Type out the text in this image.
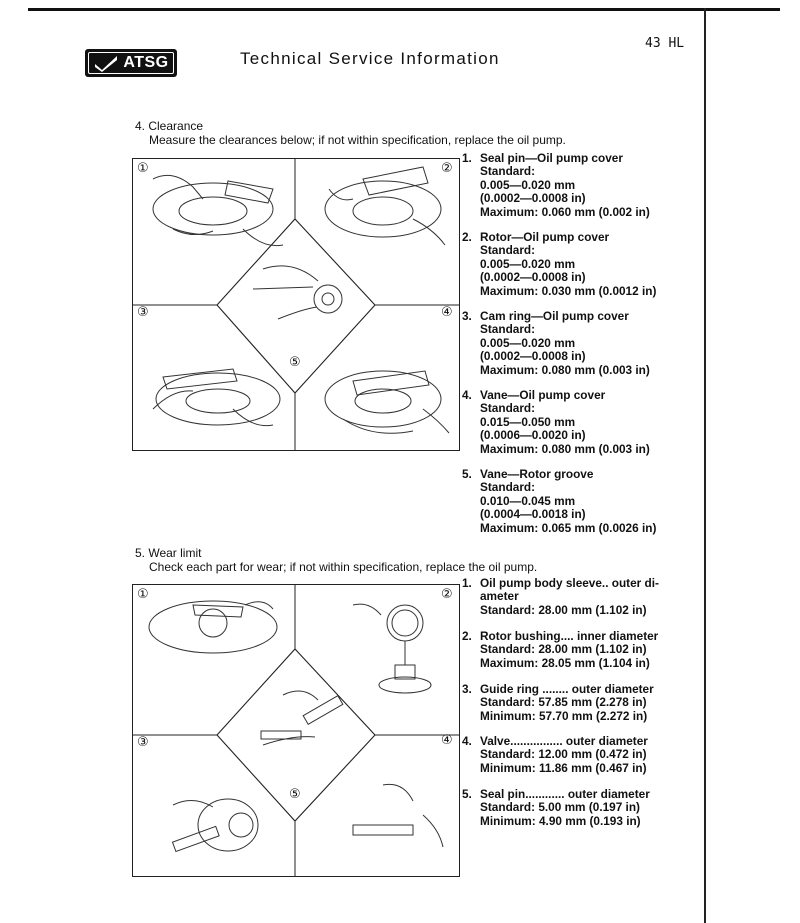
43 HL
ATSG	Technical Service Information
4. Clearance
Measure the clearances below; if not within specification, replace the oil pump.
①	②
③	④
⑤
1. Seal pin—Oil pump cover
Standard:
0.005—0.020 mm
(0.0002—0.0008 in)
Maximum: 0.060 mm (0.002 in)
2. Rotor—Oil pump cover
Standard:
0.005—0.020 mm
(0.0002—0.0008 in)
Maximum: 0.030 mm (0.0012 in)
3. Cam ring—Oil pump cover
Standard:
0.005—0.020 mm
(0.0002—0.0008 in)
Maximum: 0.080 mm (0.003 in)
4. Vane—Oil pump cover
Standard:
0.015—0.050 mm
(0.0006—0.0020 in)
Maximum: 0.080 mm (0.003 in)
5. Vane—Rotor groove
Standard:
0.010—0.045 mm
(0.0004—0.0018 in)
Maximum: 0.065 mm (0.0026 in)
5. Wear limit
Check each part for wear; if not within specification, replace the oil pump.
①	②
③	④
⑤
1. Oil pump body sleeve.. outer di-
ameter
Standard: 28.00 mm (1.102 in)
2. Rotor bushing.... inner diameter
Standard: 28.00 mm (1.102 in)
Maximum: 28.05 mm (1.104 in)
3. Guide ring ........ outer diameter
Standard: 57.85 mm (2.278 in)
Minimum: 57.70 mm (2.272 in)
4. Valve................ outer diameter
Standard: 12.00 mm (0.472 in)
Minimum: 11.86 mm (0.467 in)
5. Seal pin............ outer diameter
Standard: 5.00 mm (0.197 in)
Minimum: 4.90 mm (0.193 in)
